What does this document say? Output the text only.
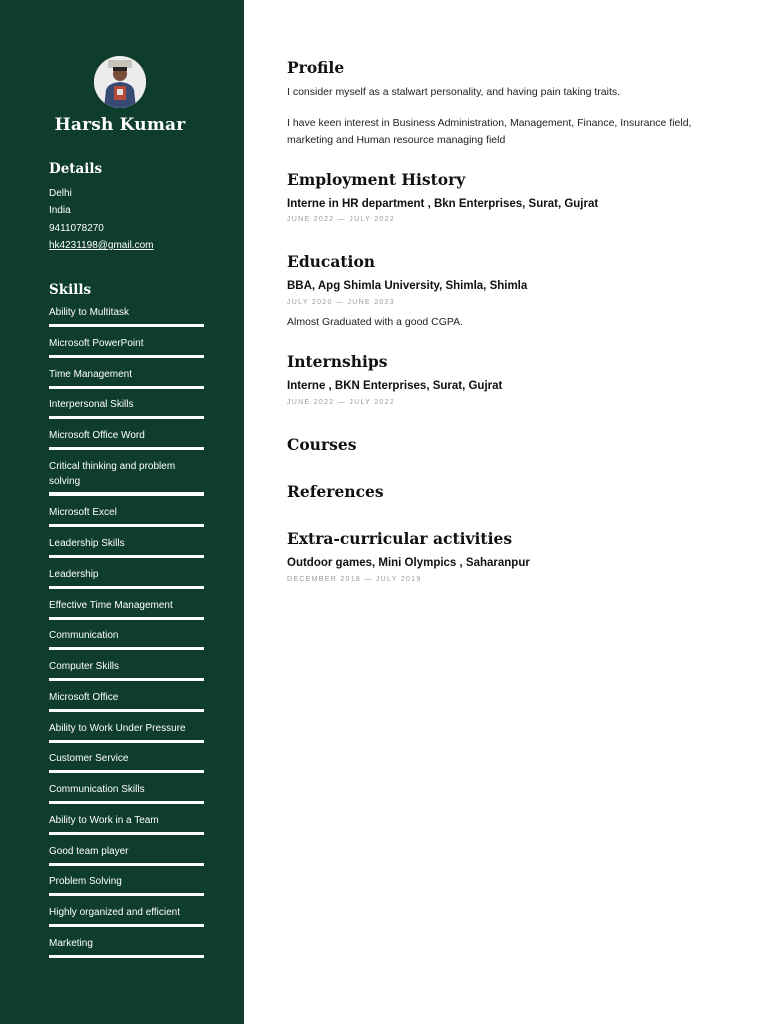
Harsh Kumar
Details
Delhi
India
9411078270
hk4231198@gmail.com
Skills
Ability to Multitask
Microsoft PowerPoint
Time Management
Interpersonal Skills
Microsoft Office Word
Critical thinking and problem solving
Microsoft Excel
Leadership Skills
Leadership
Effective Time Management
Communication
Computer Skills
Microsoft Office
Ability to Work Under Pressure
Customer Service
Communication Skills
Ability to Work in a Team
Good team player
Problem Solving
Highly organized and efficient
Marketing
Profile
I consider myself as a stalwart personality, and having pain taking traits.
I have keen interest in Business Administration, Management, Finance, Insurance field, marketing and Human resource managing field
Employment History
Interne in HR department , Bkn Enterprises, Surat, Gujrat
JUNE 2022 — JULY 2022
Education
BBA, Apg Shimla University, Shimla, Shimla
JULY 2020 — JUNE 2023
Almost Graduated with a good CGPA.
Internships
Interne , BKN Enterprises, Surat, Gujrat
JUNE 2022 — JULY 2022
Courses
References
Extra-curricular activities
Outdoor games, Mini Olympics , Saharanpur
DECEMBER 2018 — JULY 2019
